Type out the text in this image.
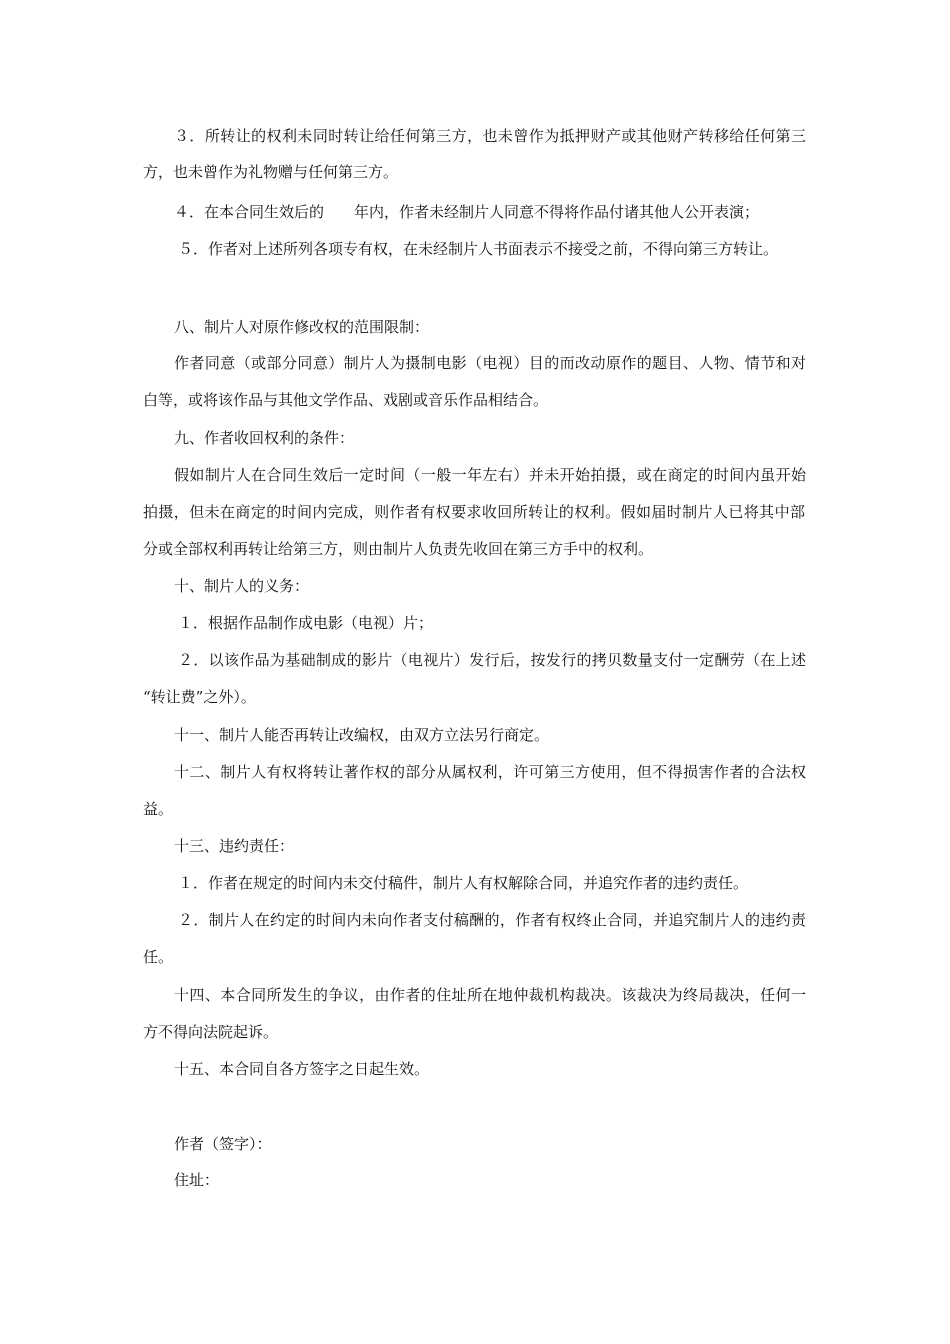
３．所转让的权利未同时转让给任何第三方，也未曾作为抵押财产或其他财产转移给任何第三
方，也未曾作为礼物赠与任何第三方。
４．在本合同生效后的　　年内，作者未经制片人同意不得将作品付诸其他人公开表演；
５．作者对上述所列各项专有权，在未经制片人书面表示不接受之前，不得向第三方转让。
八、制片人对原作修改权的范围限制：
作者同意（或部分同意）制片人为摄制电影（电视）目的而改动原作的题目、人物、情节和对
白等，或将该作品与其他文学作品、戏剧或音乐作品相结合。
九、作者收回权利的条件：
假如制片人在合同生效后一定时间（一般一年左右）并未开始拍摄，或在商定的时间内虽开始
拍摄，但未在商定的时间内完成，则作者有权要求收回所转让的权利。假如届时制片人已将其中部
分或全部权利再转让给第三方，则由制片人负责先收回在第三方手中的权利。
十、制片人的义务：
１．根据作品制作成电影（电视）片；
２．以该作品为基础制成的影片（电视片）发行后，按发行的拷贝数量支付一定酬劳（在上述
“转让费”之外）。
十一、制片人能否再转让改编权，由双方立法另行商定。
十二、制片人有权将转让著作权的部分从属权利，许可第三方使用，但不得损害作者的合法权
益。
十三、违约责任：
１．作者在规定的时间内未交付稿件，制片人有权解除合同，并追究作者的违约责任。
２．制片人在约定的时间内未向作者支付稿酬的，作者有权终止合同，并追究制片人的违约责
任。
十四、本合同所发生的争议，由作者的住址所在地仲裁机构裁决。该裁决为终局裁决，任何一
方不得向法院起诉。
十五、本合同自各方签字之日起生效。
作者（签字）：
住址：
